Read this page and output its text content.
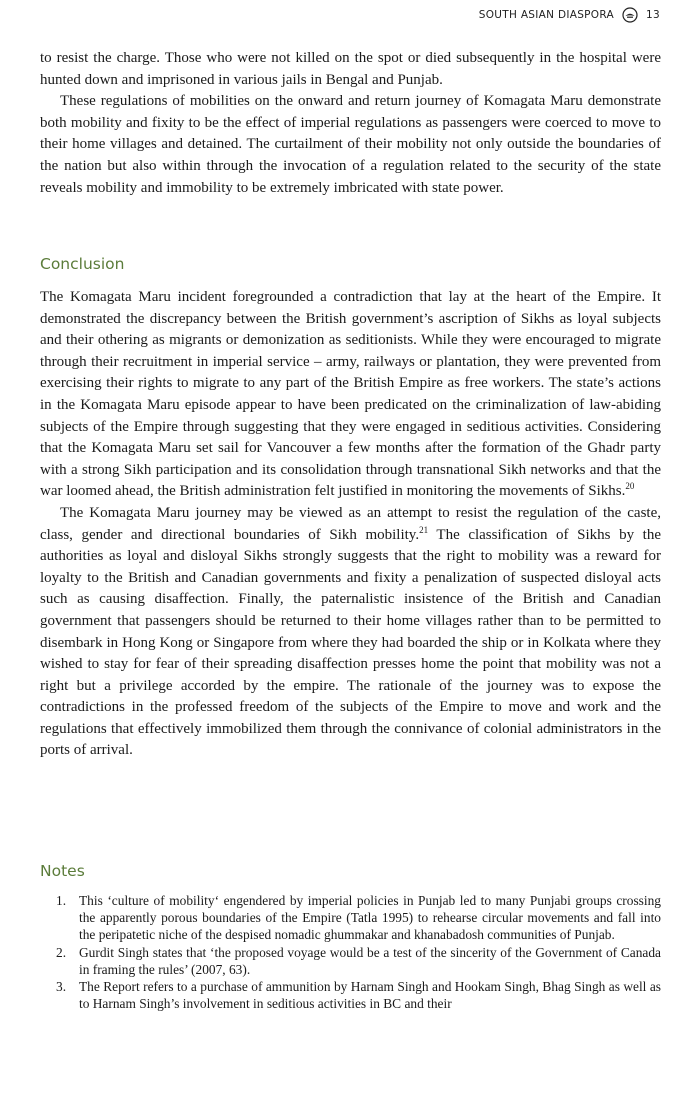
SOUTH ASIAN DIASPORA	13

to resist the charge. Those who were not killed on the spot or died subsequently in the hospital were hunted down and imprisoned in various jails in Bengal and Punjab.

These regulations of mobilities on the onward and return journey of Komagata Maru demonstrate both mobility and fixity to be the effect of imperial regulations as passengers were coerced to move to their home villages and detained. The curtailment of their mobility not only outside the boundaries of the nation but also within through the invocation of a regulation related to the security of the state reveals mobility and immobility to be extremely imbricated with state power.

Conclusion

The Komagata Maru incident foregrounded a contradiction that lay at the heart of the Empire. It demonstrated the discrepancy between the British government’s ascription of Sikhs as loyal subjects and their othering as migrants or demonization as seditionists. While they were encouraged to migrate through their recruitment in imperial service – army, railways or plantation, they were prevented from exercising their rights to migrate to any part of the British Empire as free workers. The state’s actions in the Komagata Maru episode appear to have been predicated on the criminalization of law-abiding subjects of the Empire through suggesting that they were engaged in seditious activities. Considering that the Komagata Maru set sail for Vancouver a few months after the formation of the Ghadr party with a strong Sikh participation and its consolidation through transnational Sikh networks and that the war loomed ahead, the British administration felt justified in monitoring the movements of Sikhs.$^{20}$

The Komagata Maru journey may be viewed as an attempt to resist the regulation of the caste, class, gender and directional boundaries of Sikh mobility.$^{21}$ The classification of Sikhs by the authorities as loyal and disloyal Sikhs strongly suggests that the right to mobility was a reward for loyalty to the British and Canadian governments and fixity a penalization of suspected disloyal acts such as causing disaffection. Finally, the paternalistic insistence of the British and Canadian government that passengers should be returned to their home villages rather than to be permitted to disembark in Hong Kong or Singapore from where they had boarded the ship or in Kolkata where they wished to stay for fear of their spreading disaffection presses home the point that mobility was not a right but a privilege accorded by the empire. The rationale of the journey was to expose the contradictions in the professed freedom of the subjects of the Empire to move and work and the regulations that effectively immobilized them through the connivance of colonial administrators in the ports of arrival.

Notes
1. This ‘culture of mobility‘ engendered by imperial policies in Punjab led to many Punjabi groups crossing the apparently porous boundaries of the Empire (Tatla 1995) to rehearse circular movements and fall into the peripatetic niche of the despised nomadic ghummakar and khanabadosh communities of Punjab.
2. Gurdit Singh states that ‘the proposed voyage would be a test of the sincerity of the Government of Canada in framing the rules’ (2007, 63).
3. The Report refers to a purchase of ammunition by Harnam Singh and Hookam Singh, Bhag Singh as well as to Harnam Singh’s involvement in seditious activities in BC and their
